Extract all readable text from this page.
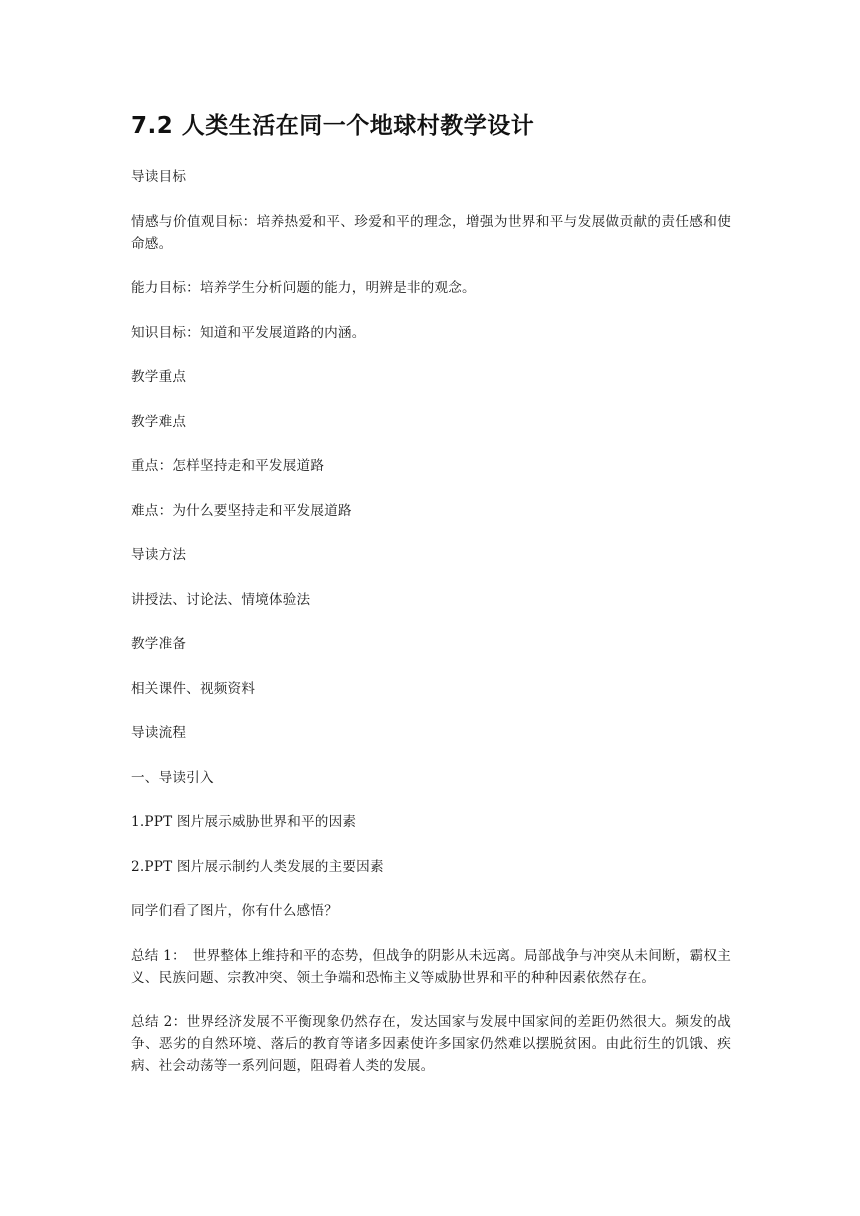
7.2 人类生活在同一个地球村教学设计

导读目标

情感与价值观目标：培养热爱和平、珍爱和平的理念，增强为世界和平与发展做贡献的责任感和使命感。

能力目标：培养学生分析问题的能力，明辨是非的观念。

知识目标：知道和平发展道路的内涵。

教学重点

教学难点

重点：怎样坚持走和平发展道路

难点：为什么要坚持走和平发展道路

导读方法

讲授法、讨论法、情境体验法

教学准备

相关课件、视频资料

导读流程

一、导读引入

1.PPT 图片展示威胁世界和平的因素

2.PPT 图片展示制约人类发展的主要因素

同学们看了图片，你有什么感悟？

总结 1：　世界整体上维持和平的态势，但战争的阴影从未远离。局部战争与冲突从未间断，霸权主义、民族问题、宗教冲突、领土争端和恐怖主义等威胁世界和平的种种因素依然存在。

总结 2：世界经济发展不平衡现象仍然存在，发达国家与发展中国家间的差距仍然很大。频发的战争、恶劣的自然环境、落后的教育等诸多因素使许多国家仍然难以摆脱贫困。由此衍生的饥饿、疾病、社会动荡等一系列问题，阻碍着人类的发展。
